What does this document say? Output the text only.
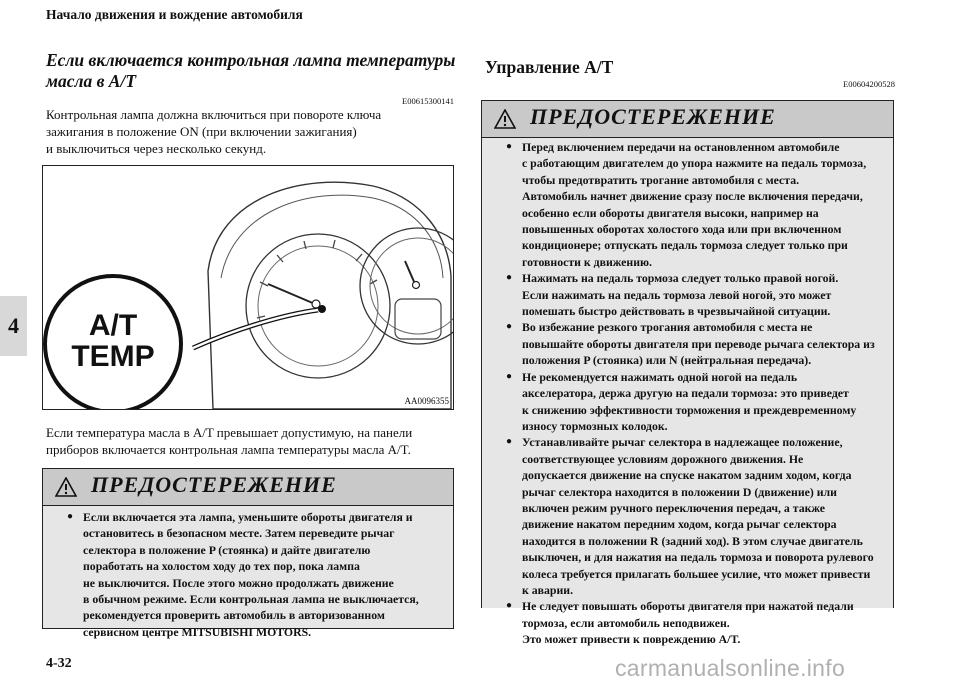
Начало движения и вождение автомобиля
4
4-32	carmanualsonline.info
Если включается контрольная лампа температуры
масла в A/T
E00615300141
Контрольная лампа должна включиться при повороте ключа
зажигания в положение ON (при включении зажигания)
и выключиться через несколько секунд.
A/T
TEMP
AA0096355
Если температура масла в A/T превышает допустимую, на панели
приборов включается контрольная лампа температуры масла A/T.
ПРЕДОСТЕРЕЖЕНИЕ
● Если включается эта лампа, уменьшите обороты двигателя и
остановитесь в безопасном месте. Затем переведите рычаг
селектора в положение P (стоянка) и дайте двигателю
поработать на холостом ходу до тех пор, пока лампа
не выключится. После этого можно продолжать движение
в обычном режиме. Если контрольная лампа не выключается,
рекомендуется проверить автомобиль в авторизованном
сервисном центре MITSUBISHI MOTORS.
Управление A/T
E00604200528
ПРЕДОСТЕРЕЖЕНИЕ
● Перед включением передачи на остановленном автомобиле
с работающим двигателем до упора нажмите на педаль тормоза,
чтобы предотвратить трогание автомобиля с места.
Автомобиль начнет движение сразу после включения передачи,
особенно если обороты двигателя высоки, например на
повышенных оборотах холостого хода или при включенном
кондиционере; отпускать педаль тормоза следует только при
готовности к движению.
● Нажимать на педаль тормоза следует только правой ногой.
Если нажимать на педаль тормоза левой ногой, это может
помешать быстро действовать в чрезвычайной ситуации.
● Во избежание резкого трогания автомобиля с места не
повышайте обороты двигателя при переводе рычага селектора из
положения P (стоянка) или N (нейтральная передача).
● Не рекомендуется нажимать одной ногой на педаль
акселератора, держа другую на педали тормоза: это приведет
к снижению эффективности торможения и преждевременному
износу тормозных колодок.
● Устанавливайте рычаг селектора в надлежащее положение,
соответствующее условиям дорожного движения. Не
допускается движение на спуске накатом задним ходом, когда
рычаг селектора находится в положении D (движение) или
включен режим ручного переключения передач, а также
движение накатом передним ходом, когда рычаг селектора
находится в положении R (задний ход). В этом случае двигатель
выключен, и для нажатия на педаль тормоза и поворота рулевого
колеса требуется прилагать большее усилие, что может привести
к аварии.
● Не следует повышать обороты двигателя при нажатой педали
тормоза, если автомобиль неподвижен.
Это может привести к повреждению A/T.
